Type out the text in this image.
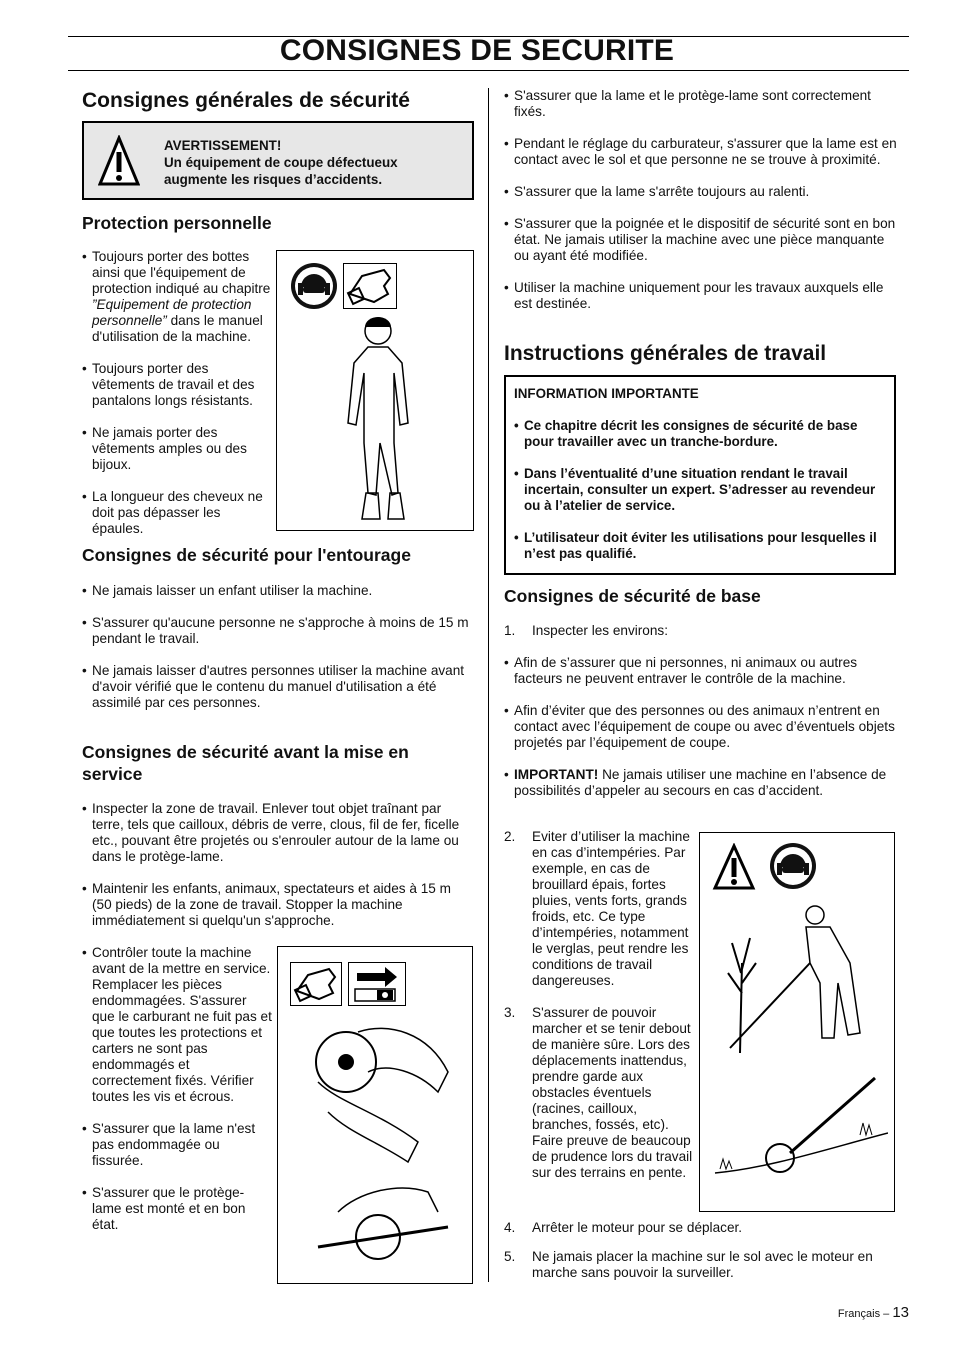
CONSIGNES DE SECURITE
Consignes générales de sécurité
AVERTISSEMENT!
Un équipement de coupe défectueux
augmente les risques d’accidents.
Protection personnelle
• Toujours porter des bottes ainsi que l'équipement de protection indiqué au chapitre ”Equipement de protection personnelle” dans le manuel d'utilisation de la machine.
• Toujours porter des vêtements de travail et des pantalons longs résistants.
• Ne jamais porter des vêtements amples ou des bijoux.
• La longueur des cheveux ne doit pas dépasser les épaules.
Consignes de sécurité pour l'entourage
• Ne jamais laisser un enfant utiliser la machine.
• S'assurer qu'aucune personne ne s'approche à moins de 15 m pendant le travail.
• Ne jamais laisser d'autres personnes utiliser la machine avant d'avoir vérifié que le contenu du manuel d'utilisation a été assimilé par ces personnes.
Consignes de sécurité avant la mise en service
• Inspecter la zone de travail. Enlever tout objet traînant par terre, tels que cailloux, débris de verre, clous, fil de fer, ficelle etc., pouvant être projetés ou s'enrouler autour de la lame ou dans le protège-lame.
• Maintenir les enfants, animaux, spectateurs et aides à 15 m (50 pieds) de la zone de travail. Stopper la machine immédiatement si quelqu'un s'approche.
• Contrôler toute la machine avant de la mettre en service. Remplacer les pièces endommagées. S'assurer que le carburant ne fuit pas et que toutes les protections et carters ne sont pas endommagés et correctement fixés. Vérifier toutes les vis et écrous.
• S'assurer que la lame n'est pas endommagée ou fissurée.
• S'assurer que le protège-lame est monté et en bon état.
• S'assurer que la lame et le protège-lame sont correctement fixés.
• Pendant le réglage du carburateur, s'assurer que la lame est en contact avec le sol et que personne ne se trouve à proximité.
• S'assurer que la lame s'arrête toujours au ralenti.
• S'assurer que la poignée et le dispositif de sécurité sont en bon état. Ne jamais utiliser la machine avec une pièce manquante ou ayant été modifiée.
• Utiliser la machine uniquement pour les travaux auxquels elle est destinée.
Instructions générales de travail
INFORMATION IMPORTANTE
• Ce chapitre décrit les consignes de sécurité de base pour travailler avec un tranche-bordure.
• Dans l’éventualité d’une situation rendant le travail incertain, consulter un expert. S’adresser au revendeur ou à l’atelier de service.
• L’utilisateur doit éviter les utilisations pour lesquelles il n’est pas qualifié.
Consignes de sécurité de base
1. Inspecter les environs:
• Afin de s’assurer que ni personnes, ni animaux ou autres facteurs ne peuvent entraver le contrôle de la machine.
• Afin d’éviter que des personnes ou des animaux n’entrent en contact avec l’équipement de coupe ou avec d’éventuels objets projetés par l’équipement de coupe.
• IMPORTANT! Ne jamais utiliser une machine en l’absence de possibilités d’appeler au secours en cas d’accident.
2. Eviter d’utiliser la machine en cas d’intempéries. Par exemple, en cas de brouillard épais, fortes pluies, vents forts, grands froids, etc. Ce type d’intempéries, notamment le verglas, peut rendre les conditions de travail dangereuses.
3. S'assurer de pouvoir marcher et se tenir debout de manière sûre. Lors des déplacements inattendus, prendre garde aux obstacles éventuels (racines, cailloux, branches, fossés, etc). Faire preuve de beaucoup de prudence lors du travail sur des terrains en pente.
4. Arrêter le moteur pour se déplacer.
5. Ne jamais placer la machine sur le sol avec le moteur en marche sans pouvoir la surveiller.
Français – 13
